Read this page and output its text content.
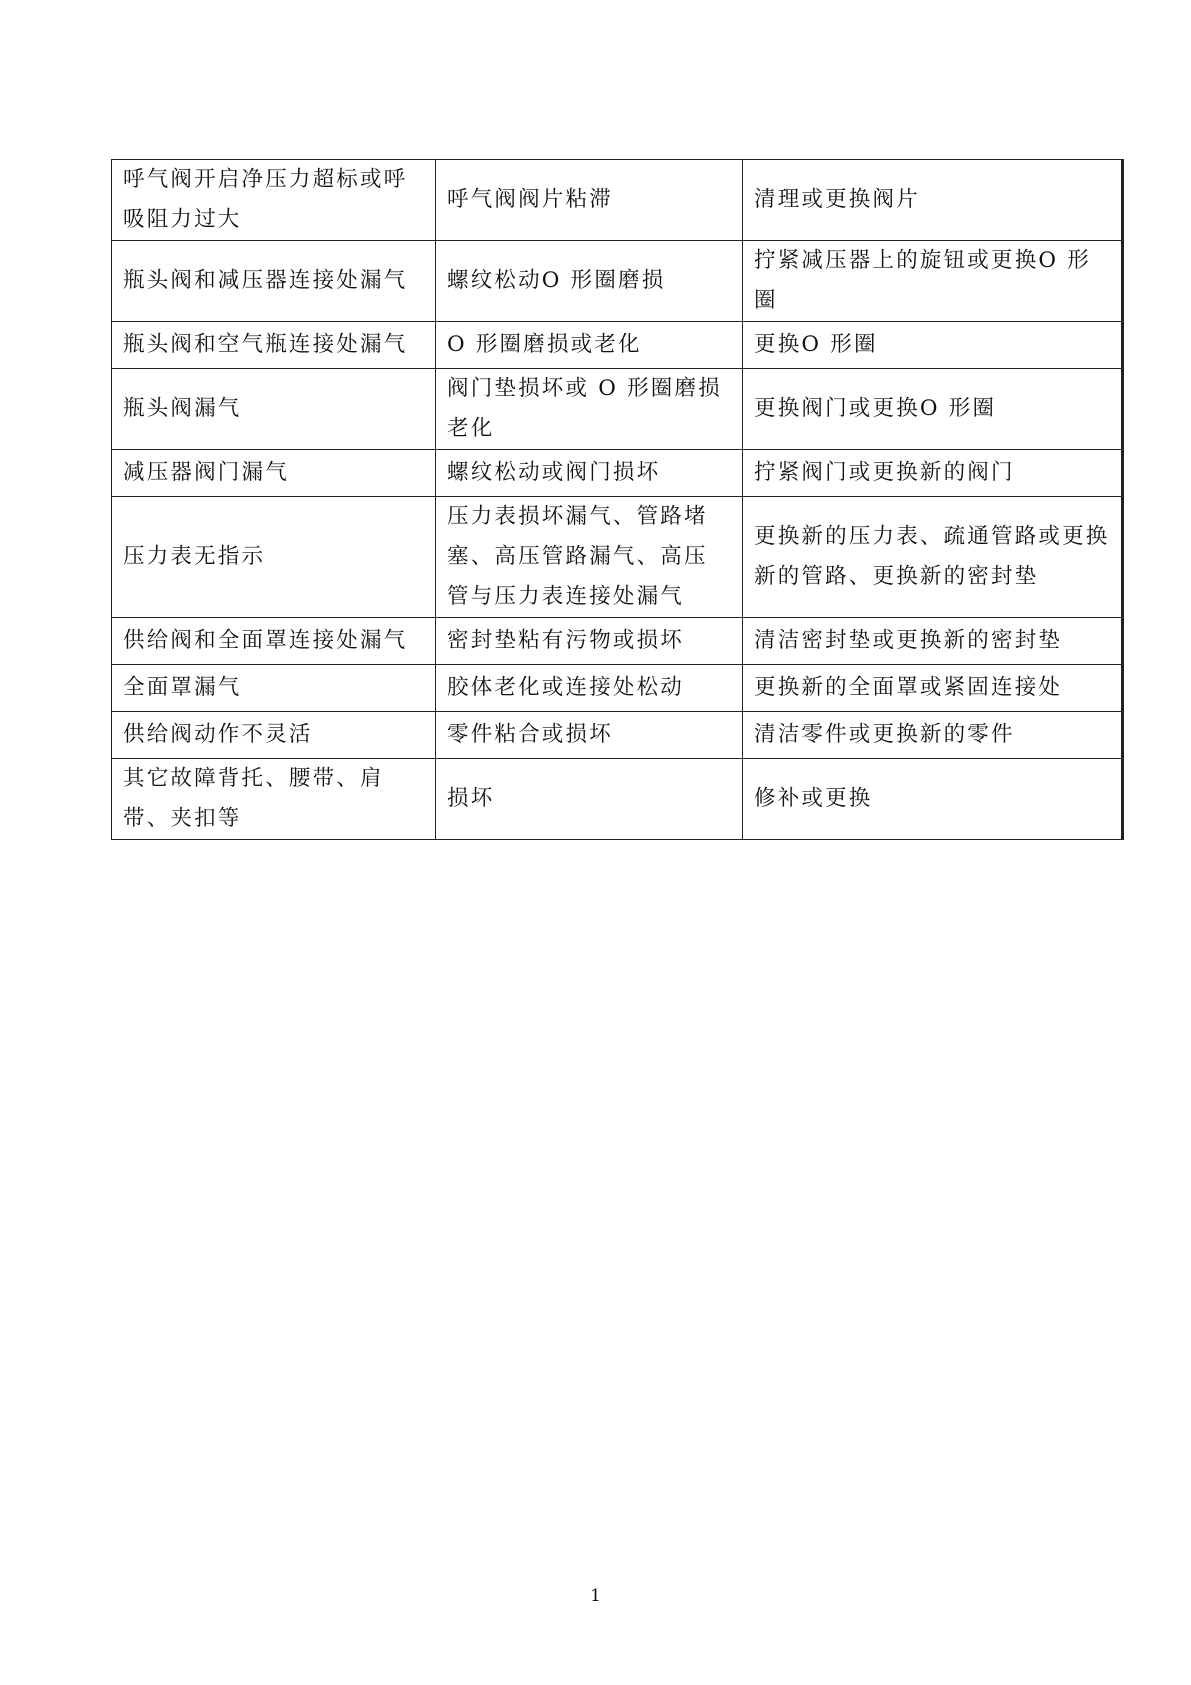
呼气阀开启净压力超标或呼吸阻力过大	呼气阀阀片粘滞	清理或更换阀片
瓶头阀和减压器连接处漏气	螺纹松动O 形圈磨损	拧紧减压器上的旋钮或更换O 形圈
瓶头阀和空气瓶连接处漏气	O 形圈磨损或老化	更换O 形圈
瓶头阀漏气	阀门垫损坏或 O 形圈磨损老化	更换阀门或更换O 形圈
减压器阀门漏气	螺纹松动或阀门损坏	拧紧阀门或更换新的阀门
压力表无指示	压力表损坏漏气、管路堵塞、高压管路漏气、高压管与压力表连接处漏气	更换新的压力表、疏通管路或更换新的管路、更换新的密封垫
供给阀和全面罩连接处漏气	密封垫粘有污物或损坏	清洁密封垫或更换新的密封垫
全面罩漏气	胶体老化或连接处松动	更换新的全面罩或紧固连接处
供给阀动作不灵活	零件粘合或损坏	清洁零件或更换新的零件
其它故障背托、腰带、肩带、夹扣等	损坏	修补或更换
1
